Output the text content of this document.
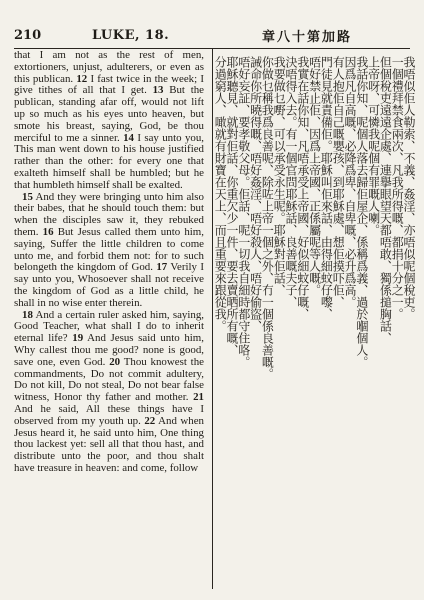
210	LUKE, 18.	路加第十八章

that I am not as the rest of men, extortioners, unjust, adulterers, or even as this publican. 12 I fast twice in the week; I give tithes of all that I get. 13 But the publican, standing afar off, would not lift up so much as his eyes unto heaven, but smote his breast, saying, God, be thou merciful to me a sinner. 14 I say unto you, This man went down to his house justified rather than the other: for every one that exalteth himself shall be humbled; but he that humbleth himself shall be exalted.

15 And they were bringing unto him also their babes, that he should touch them: but when the disciples saw it, they rebuked them. 16 But Jesus called them unto him, saying, Suffer the little children to come unto me, and forbid them not: for to such belongeth the kingdom of God. 17 Verily I say unto you, Whosoever shall not receive the kingdom of God as a little child, he shall in no wise enter therein.

18 And a certain ruler asked him, saying, Good Teacher, what shall I do to inherit eternal life? 19 And Jesus said unto him, Why callest thou me good? none is good, save one, even God. 20 Thou knowest the commandments, Do not commit adultery, Do not kill, Do not steal, Do not bear false witness, Honor thy father and mother. 21 And he said, All these things have I observed from my youth up. 22 And when Jesus heard it, he said unto him, One thing thou lackest yet: sell all that thou hast, and distribute unto the poor, and thou shalt have treasure in heaven: and come, follow

我唔似佢人勒索、不義、姦淫、亦唔似呢個稅吏。
一個禮拜禁食兩次、凡我所得嘅、都捐十分之一。
但個稅吏遠遠企處、連擧眼望天都唔敢、獨係搥胸話、
上帝呀、可憐我呢個有罪嘅人喇。
我話你知、呢個人落去歸佢屋企、係稱爲義、過於嗰個人。
因爲凡自高嘅、必降爲卑、自卑嘅、必升爲高。
有人抱佢自己嘅嬰孩、到耶穌處、想佢摸吓佢、
門徒見就責備佢。耶穌叫佢來話、由得細蚊仔嚟、
唔好禁止佢、因爲上帝國、正係屬呢等人嘅。
我實在話你知、凡唔承受上帝國、好似細蚊仔嘅、
決唔得入去。有一個官問耶穌話、良善嘅夫子、
我要做乜嘢、可以承受永生呢。耶穌對佢話、
你做乜稱我爲良善呢、除咗上帝一個之外、冇一個係良善嘅。
誡命你所曉得嘅、唔好姦淫、唔好殺人、唔好偷盜、
唔好妄証、要孝敬父母。佢話、呢一切我自細時都守住咯。
耶穌聽見、就對佢話、你重欠少一件、要去賣晒所有嘅、
分過窮人、噉就有財寶在天上、而且重要來跟從我。
